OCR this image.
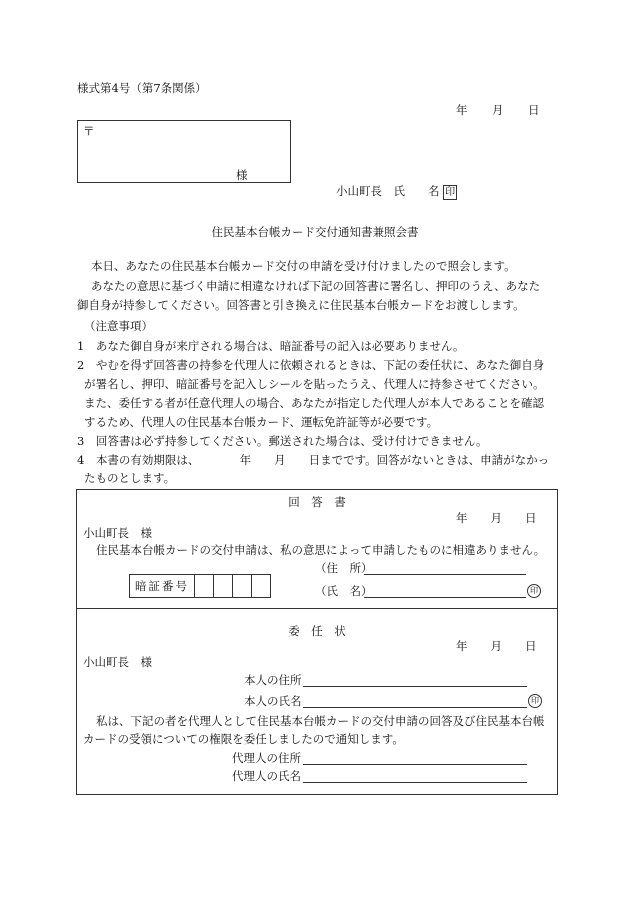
様式第4号（第7条関係）
年　　月　　日
〒
様
小山町長　氏　　名 印
住民基本台帳カード交付通知書兼照会書
本日、あなたの住民基本台帳カード交付の申請を受け付けましたので照会します。
あなたの意思に基づく申請に相違なければ下記の回答書に署名し、押印のうえ、あなた
御自身が持参してください。回答書と引き換えに住民基本台帳カードをお渡しします。
（注意事項）
1　あなた御自身が来庁される場合は、暗証番号の記入は必要ありません。
2　やむを得ず回答書の持参を代理人に依頼されるときは、下記の委任状に、あなた御自身
が署名し、押印、暗証番号を記入しシールを貼ったうえ、代理人に持参させてください。
また、委任する者が任意代理人の場合、あなたが指定した代理人が本人であることを確認
するため、代理人の住民基本台帳カード、運転免許証等が必要です。
3　回答書は必ず持参してください。郵送された場合は、受け付けできません。
4　本書の有効期限は、　　　　年　　月　　日までです。回答がないときは、申請がなかっ
たものとします。
回　答　書
年　　月　　日
小山町長　様
住民基本台帳カードの交付申請は、私の意思によって申請したものに相違ありません。
（住　所）
（氏　名）	印
暗証番号				
委　任　状
年　　月　　日
小山町長　様
本人の住所
本人の氏名	印
私は、下記の者を代理人として住民基本台帳カードの交付申請の回答及び住民基本台帳
カードの受領についての権限を委任しましたので通知します。
代理人の住所
代理人の氏名
